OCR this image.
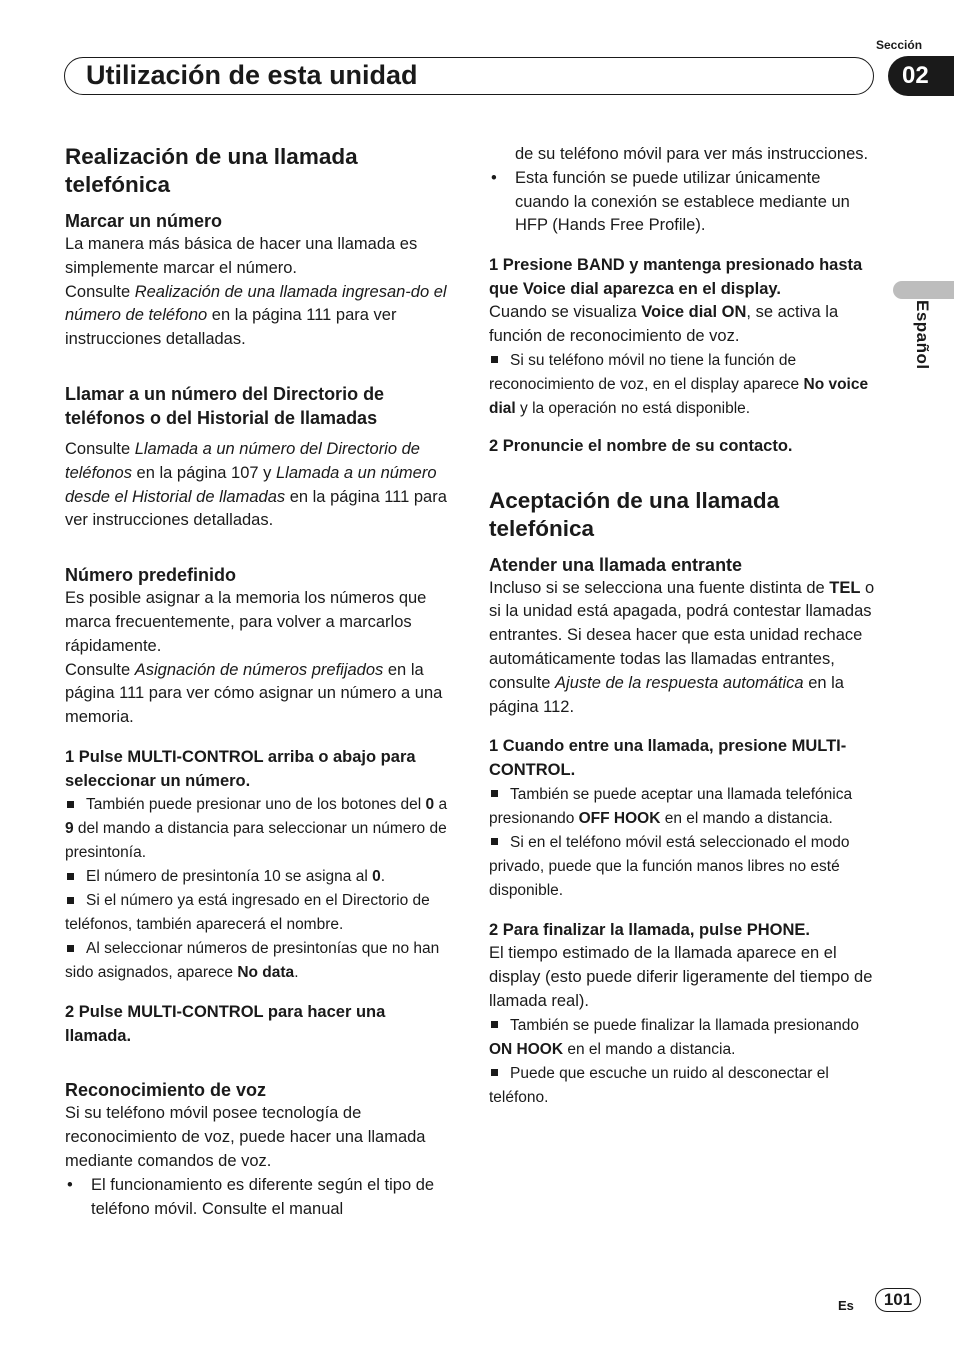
Sección
02
Utilización de esta unidad
Español

Realización de una llamada telefónica

Marcar un número

La manera más básica de hacer una llamada es simplemente marcar el número.

Consulte Realización de una llamada ingresan-do el número de teléfono en la página 111 para ver instrucciones detalladas.

Llamar a un número del Directorio de teléfonos o del Historial de llamadas

Consulte Llamada a un número del Directorio de teléfonos en la página 107 y Llamada a un número desde el Historial de llamadas en la página 111 para ver instrucciones detalladas.

Número predefinido

Es posible asignar a la memoria los números que marca frecuentemente, para volver a marcarlos rápidamente.

Consulte Asignación de números prefijados en la página 111 para ver cómo asignar un número a una memoria.

1 Pulse MULTI-CONTROL arriba o abajo para seleccionar un número.

También puede presionar uno de los botones del 0 a 9 del mando a distancia para seleccionar un número de presintonía.

El número de presintonía 10 se asigna al 0.

Si el número ya está ingresado en el Directorio de teléfonos, también aparecerá el nombre.

Al seleccionar números de presintonías que no han sido asignados, aparece No data.

2 Pulse MULTI-CONTROL para hacer una llamada.

Reconocimiento de voz

Si su teléfono móvil posee tecnología de reconocimiento de voz, puede hacer una llamada mediante comandos de voz.

• El funcionamiento es diferente según el tipo de teléfono móvil. Consulte el manual

de su teléfono móvil para ver más instrucciones.

• Esta función se puede utilizar únicamente cuando la conexión se establece mediante un HFP (Hands Free Profile).

1 Presione BAND y mantenga presionado hasta que Voice dial aparezca en el display.

Cuando se visualiza Voice dial ON, se activa la función de reconocimiento de voz.

Si su teléfono móvil no tiene la función de reconocimiento de voz, en el display aparece No voice dial y la operación no está disponible.

2 Pronuncie el nombre de su contacto.

Aceptación de una llamada telefónica

Atender una llamada entrante

Incluso si se selecciona una fuente distinta de TEL o si la unidad está apagada, podrá contestar llamadas entrantes. Si desea hacer que esta unidad rechace automáticamente todas las llamadas entrantes, consulte Ajuste de la respuesta automática en la página 112.

1 Cuando entre una llamada, presione MULTI-CONTROL.

También se puede aceptar una llamada telefónica presionando OFF HOOK en el mando a distancia.

Si en el teléfono móvil está seleccionado el modo privado, puede que la función manos libres no esté disponible.

2 Para finalizar la llamada, pulse PHONE.

El tiempo estimado de la llamada aparece en el display (esto puede diferir ligeramente del tiempo de llamada real).

También se puede finalizar la llamada presionando ON HOOK en el mando a distancia.

Puede que escuche un ruido al desconectar el teléfono.

Es	101
